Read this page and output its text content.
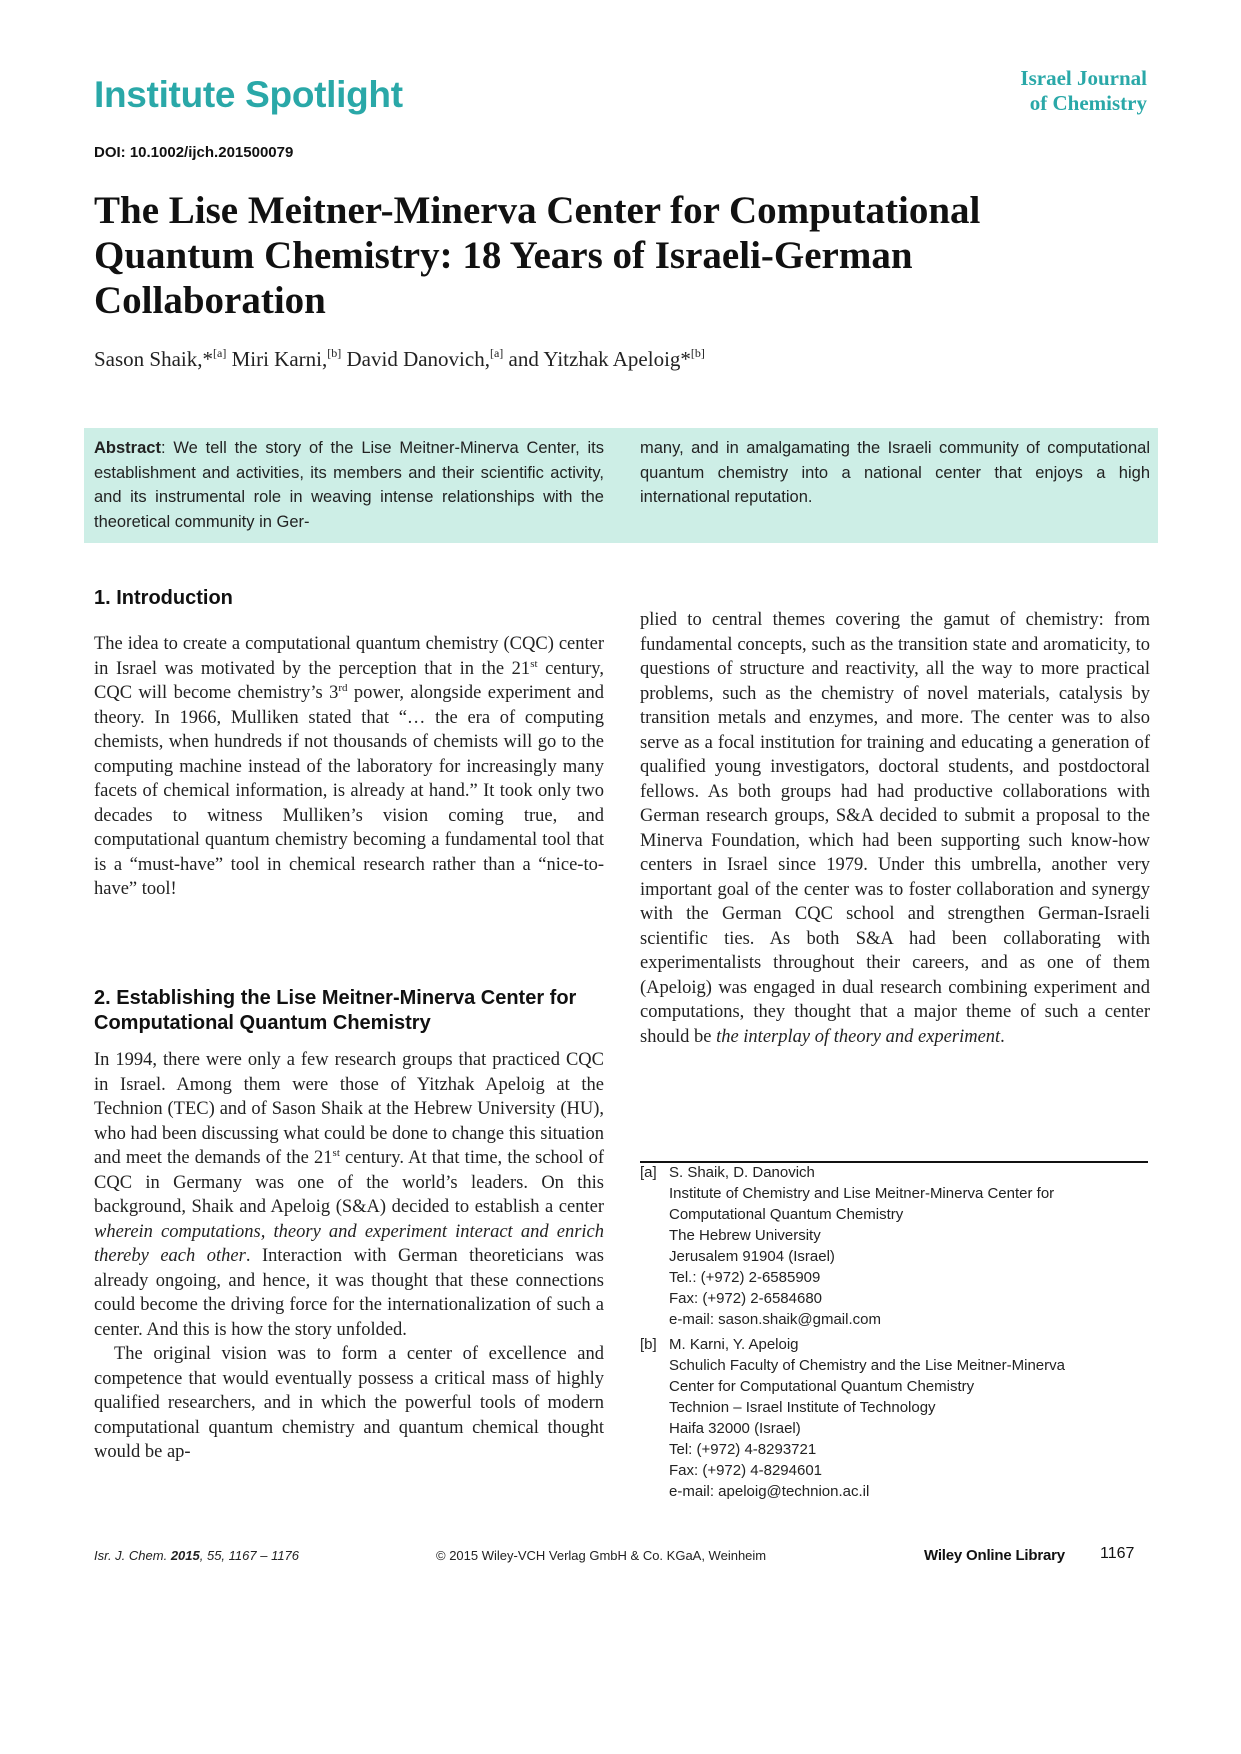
Institute Spotlight	Israel Journal
of Chemistry
DOI: 10.1002/ijch.201500079
The Lise Meitner-Minerva Center for Computational Quantum Chemistry: 18 Years of Israeli-German Collaboration
Sason Shaik,*[a] Miri Karni,[b] David Danovich,[a] and Yitzhak Apeloig*[b]
Abstract: We tell the story of the Lise Meitner-Minerva Center, its establishment and activities, its members and their scientific activity, and its instrumental role in weaving intense relationships with the theoretical community in Ger-
many, and in amalgamating the Israeli community of computational quantum chemistry into a national center that enjoys a high international reputation.
1. Introduction

The idea to create a computational quantum chemistry (CQC) center in Israel was motivated by the perception that in the 21st century, CQC will become chemistry’s 3rd power, alongside experiment and theory. In 1966, Mulliken stated that “… the era of computing chemists, when hundreds if not thousands of chemists will go to the computing machine instead of the laboratory for increasingly many facets of chemical information, is already at hand.” It took only two decades to witness Mulliken’s vision coming true, and computational quantum chemistry becoming a fundamental tool that is a “must-have” tool in chemical research rather than a “nice-to-have” tool!

2. Establishing the Lise Meitner-Minerva Center for Computational Quantum Chemistry

In 1994, there were only a few research groups that practiced CQC in Israel. Among them were those of Yitzhak Apeloig at the Technion (TEC) and of Sason Shaik at the Hebrew University (HU), who had been discussing what could be done to change this situation and meet the demands of the 21st century. At that time, the school of CQC in Germany was one of the world’s leaders. On this background, Shaik and Apeloig (S&A) decided to establish a center wherein computations, theory and experiment interact and enrich thereby each other. Interaction with German theoreticians was already ongoing, and hence, it was thought that these connections could become the driving force for the internationalization of such a center. And this is how the story unfolded.

The original vision was to form a center of excellence and competence that would eventually possess a critical mass of highly qualified researchers, and in which the powerful tools of modern computational quantum chemistry and quantum chemical thought would be ap-

plied to central themes covering the gamut of chemistry: from fundamental concepts, such as the transition state and aromaticity, to questions of structure and reactivity, all the way to more practical problems, such as the chemistry of novel materials, catalysis by transition metals and enzymes, and more. The center was to also serve as a focal institution for training and educating a generation of qualified young investigators, doctoral students, and postdoctoral fellows. As both groups had had productive collaborations with German research groups, S&A decided to submit a proposal to the Minerva Foundation, which had been supporting such know-how centers in Israel since 1979. Under this umbrella, another very important goal of the center was to foster collaboration and synergy with the German CQC school and strengthen German-Israeli scientific ties. As both S&A had been collaborating with experimentalists throughout their careers, and as one of them (Apeloig) was engaged in dual research combining experiment and computations, they thought that a major theme of such a center should be the interplay of theory and experiment.

[a] S. Shaik, D. Danovich
Institute of Chemistry and Lise Meitner-Minerva Center for
Computational Quantum Chemistry
The Hebrew University
Jerusalem 91904 (Israel)
Tel.: (+972) 2-6585909
Fax: (+972) 2-6584680
e-mail: sason.shaik@gmail.com
[b] M. Karni, Y. Apeloig
Schulich Faculty of Chemistry and the Lise Meitner-Minerva
Center for Computational Quantum Chemistry
Technion – Israel Institute of Technology
Haifa 32000 (Israel)
Tel: (+972) 4-8293721
Fax: (+972) 4-8294601
e-mail: apeloig@technion.ac.il
Isr. J. Chem. 2015, 55, 1167 – 1176	© 2015 Wiley-VCH Verlag GmbH & Co. KGaA, Weinheim	Wiley Online Library 1167
